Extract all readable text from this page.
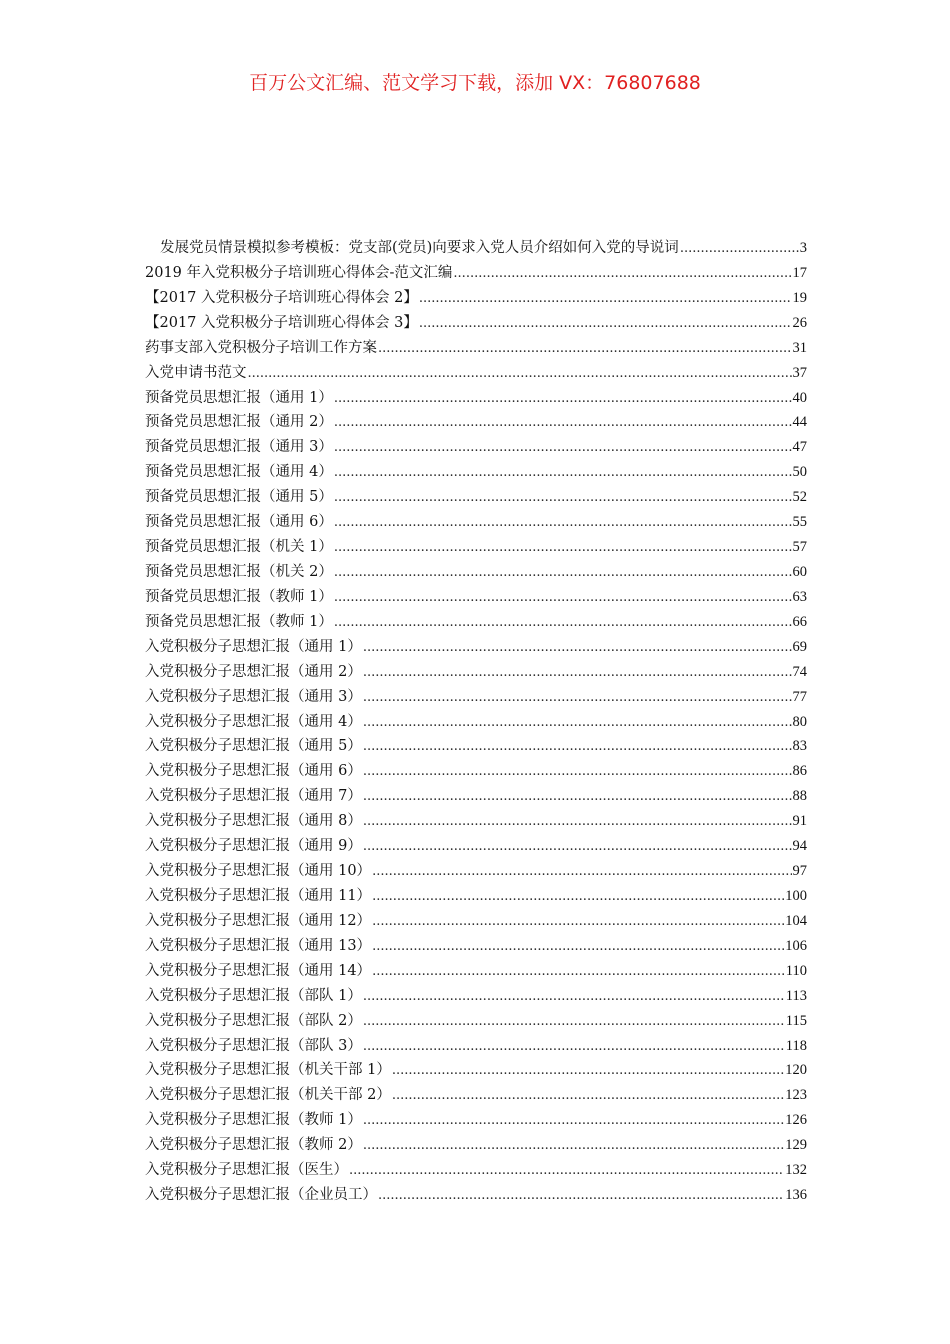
百万公文汇编、范文学习下载，添加 VX：76807688
发展党员情景模拟参考模板：党支部(党员)向要求入党人员介绍如何入党的导说词 .....	3
2019 年入党积极分子培训班心得体会-范文汇编 .....	17
【2017 入党积极分子培训班心得体会 2】 .....	19
【2017 入党积极分子培训班心得体会 3】 .....	26
药事支部入党积极分子培训工作方案 .....	31
入党申请书范文 .....	37
预备党员思想汇报（通用 1） .....	40
预备党员思想汇报（通用 2） .....	44
预备党员思想汇报（通用 3） .....	47
预备党员思想汇报（通用 4） .....	50
预备党员思想汇报（通用 5） .....	52
预备党员思想汇报（通用 6） .....	55
预备党员思想汇报（机关 1） .....	57
预备党员思想汇报（机关 2） .....	60
预备党员思想汇报（教师 1） .....	63
预备党员思想汇报（教师 1） .....	66
入党积极分子思想汇报（通用 1） .....	69
入党积极分子思想汇报（通用 2） .....	74
入党积极分子思想汇报（通用 3） .....	77
入党积极分子思想汇报（通用 4） .....	80
入党积极分子思想汇报（通用 5） .....	83
入党积极分子思想汇报（通用 6） .....	86
入党积极分子思想汇报（通用 7） .....	88
入党积极分子思想汇报（通用 8） .....	91
入党积极分子思想汇报（通用 9） .....	94
入党积极分子思想汇报（通用 10） .....	97
入党积极分子思想汇报（通用 11） .....	100
入党积极分子思想汇报（通用 12） .....	104
入党积极分子思想汇报（通用 13） .....	106
入党积极分子思想汇报（通用 14） .....	110
入党积极分子思想汇报（部队 1） .....	113
入党积极分子思想汇报（部队 2） .....	115
入党积极分子思想汇报（部队 3） .....	118
入党积极分子思想汇报（机关干部 1） .....	120
入党积极分子思想汇报（机关干部 2） .....	123
入党积极分子思想汇报（教师 1） .....	126
入党积极分子思想汇报（教师 2） .....	129
入党积极分子思想汇报（医生） .....	132
入党积极分子思想汇报（企业员工） .....	136
